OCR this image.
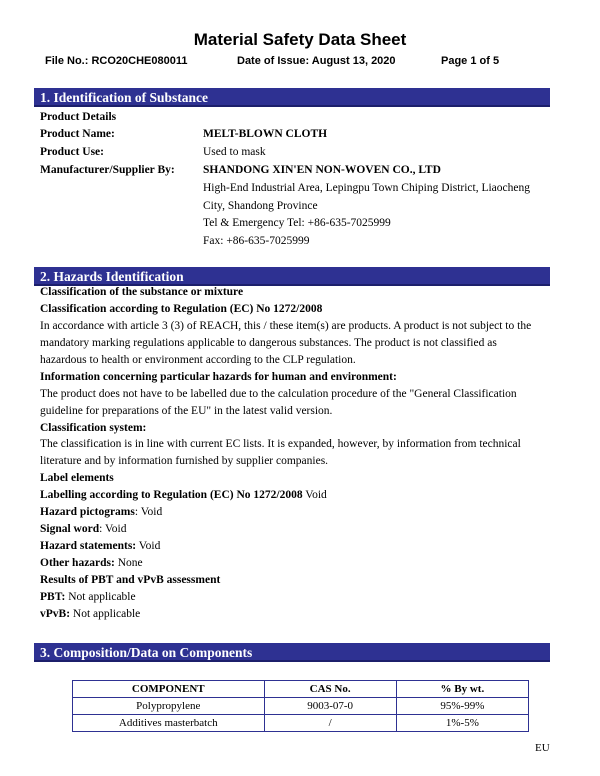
Material Safety Data Sheet
File No.: RCO20CHE080011	Date of Issue: August 13, 2020	Page 1 of 5
1. Identification of Substance
Product Details
Product Name:	MELT-BLOWN CLOTH
Product Use:	Used to mask
Manufacturer/Supplier By: SHANDONG XIN'EN NON-WOVEN CO., LTD
High-End Industrial Area, Lepingpu Town Chiping District, Liaocheng
City, Shandong Province
Tel & Emergency Tel: +86-635-7025999
Fax: +86-635-7025999
2. Hazards Identification
Classification of the substance or mixture
Classification according to Regulation (EC) No 1272/2008
In accordance with article 3 (3) of REACH, this / these item(s) are products. A product is not subject to the
mandatory marking regulations applicable to dangerous substances. The product is not classified as
hazardous to health or environment according to the CLP regulation.
Information concerning particular hazards for human and environment:
The product does not have to be labelled due to the calculation procedure of the "General Classification
guideline for preparations of the EU" in the latest valid version.
Classification system:
The classification is in line with current EC lists. It is expanded, however, by information from technical
literature and by information furnished by supplier companies.
Label elements
Labelling according to Regulation (EC) No 1272/2008 Void
Hazard pictograms: Void
Signal word: Void
Hazard statements: Void
Other hazards: None
Results of PBT and vPvB assessment
PBT: Not applicable
vPvB: Not applicable
3. Composition/Data on Components
COMPONENT	CAS No.	% By wt.
Polypropylene	9003-07-0	95%-99%
Additives masterbatch	/	1%-5%
EU
